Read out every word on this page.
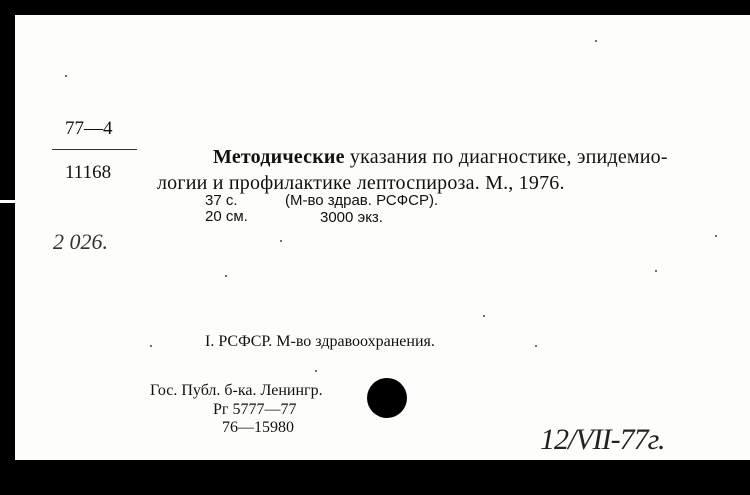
77—4
11168
2 026.
Методические указания по диагностике, эпидемио-
логии и профилактике лептоспироза. М., 1976.
37 с.	(М-во здрав. РСФСР).
20 см.	3000 экз.
I. РСФСР. М-во здравоохранения.
Гос. Публ. б-ка. Ленингр.
Рг 5777—77
76—15980	12/VII-77г.
